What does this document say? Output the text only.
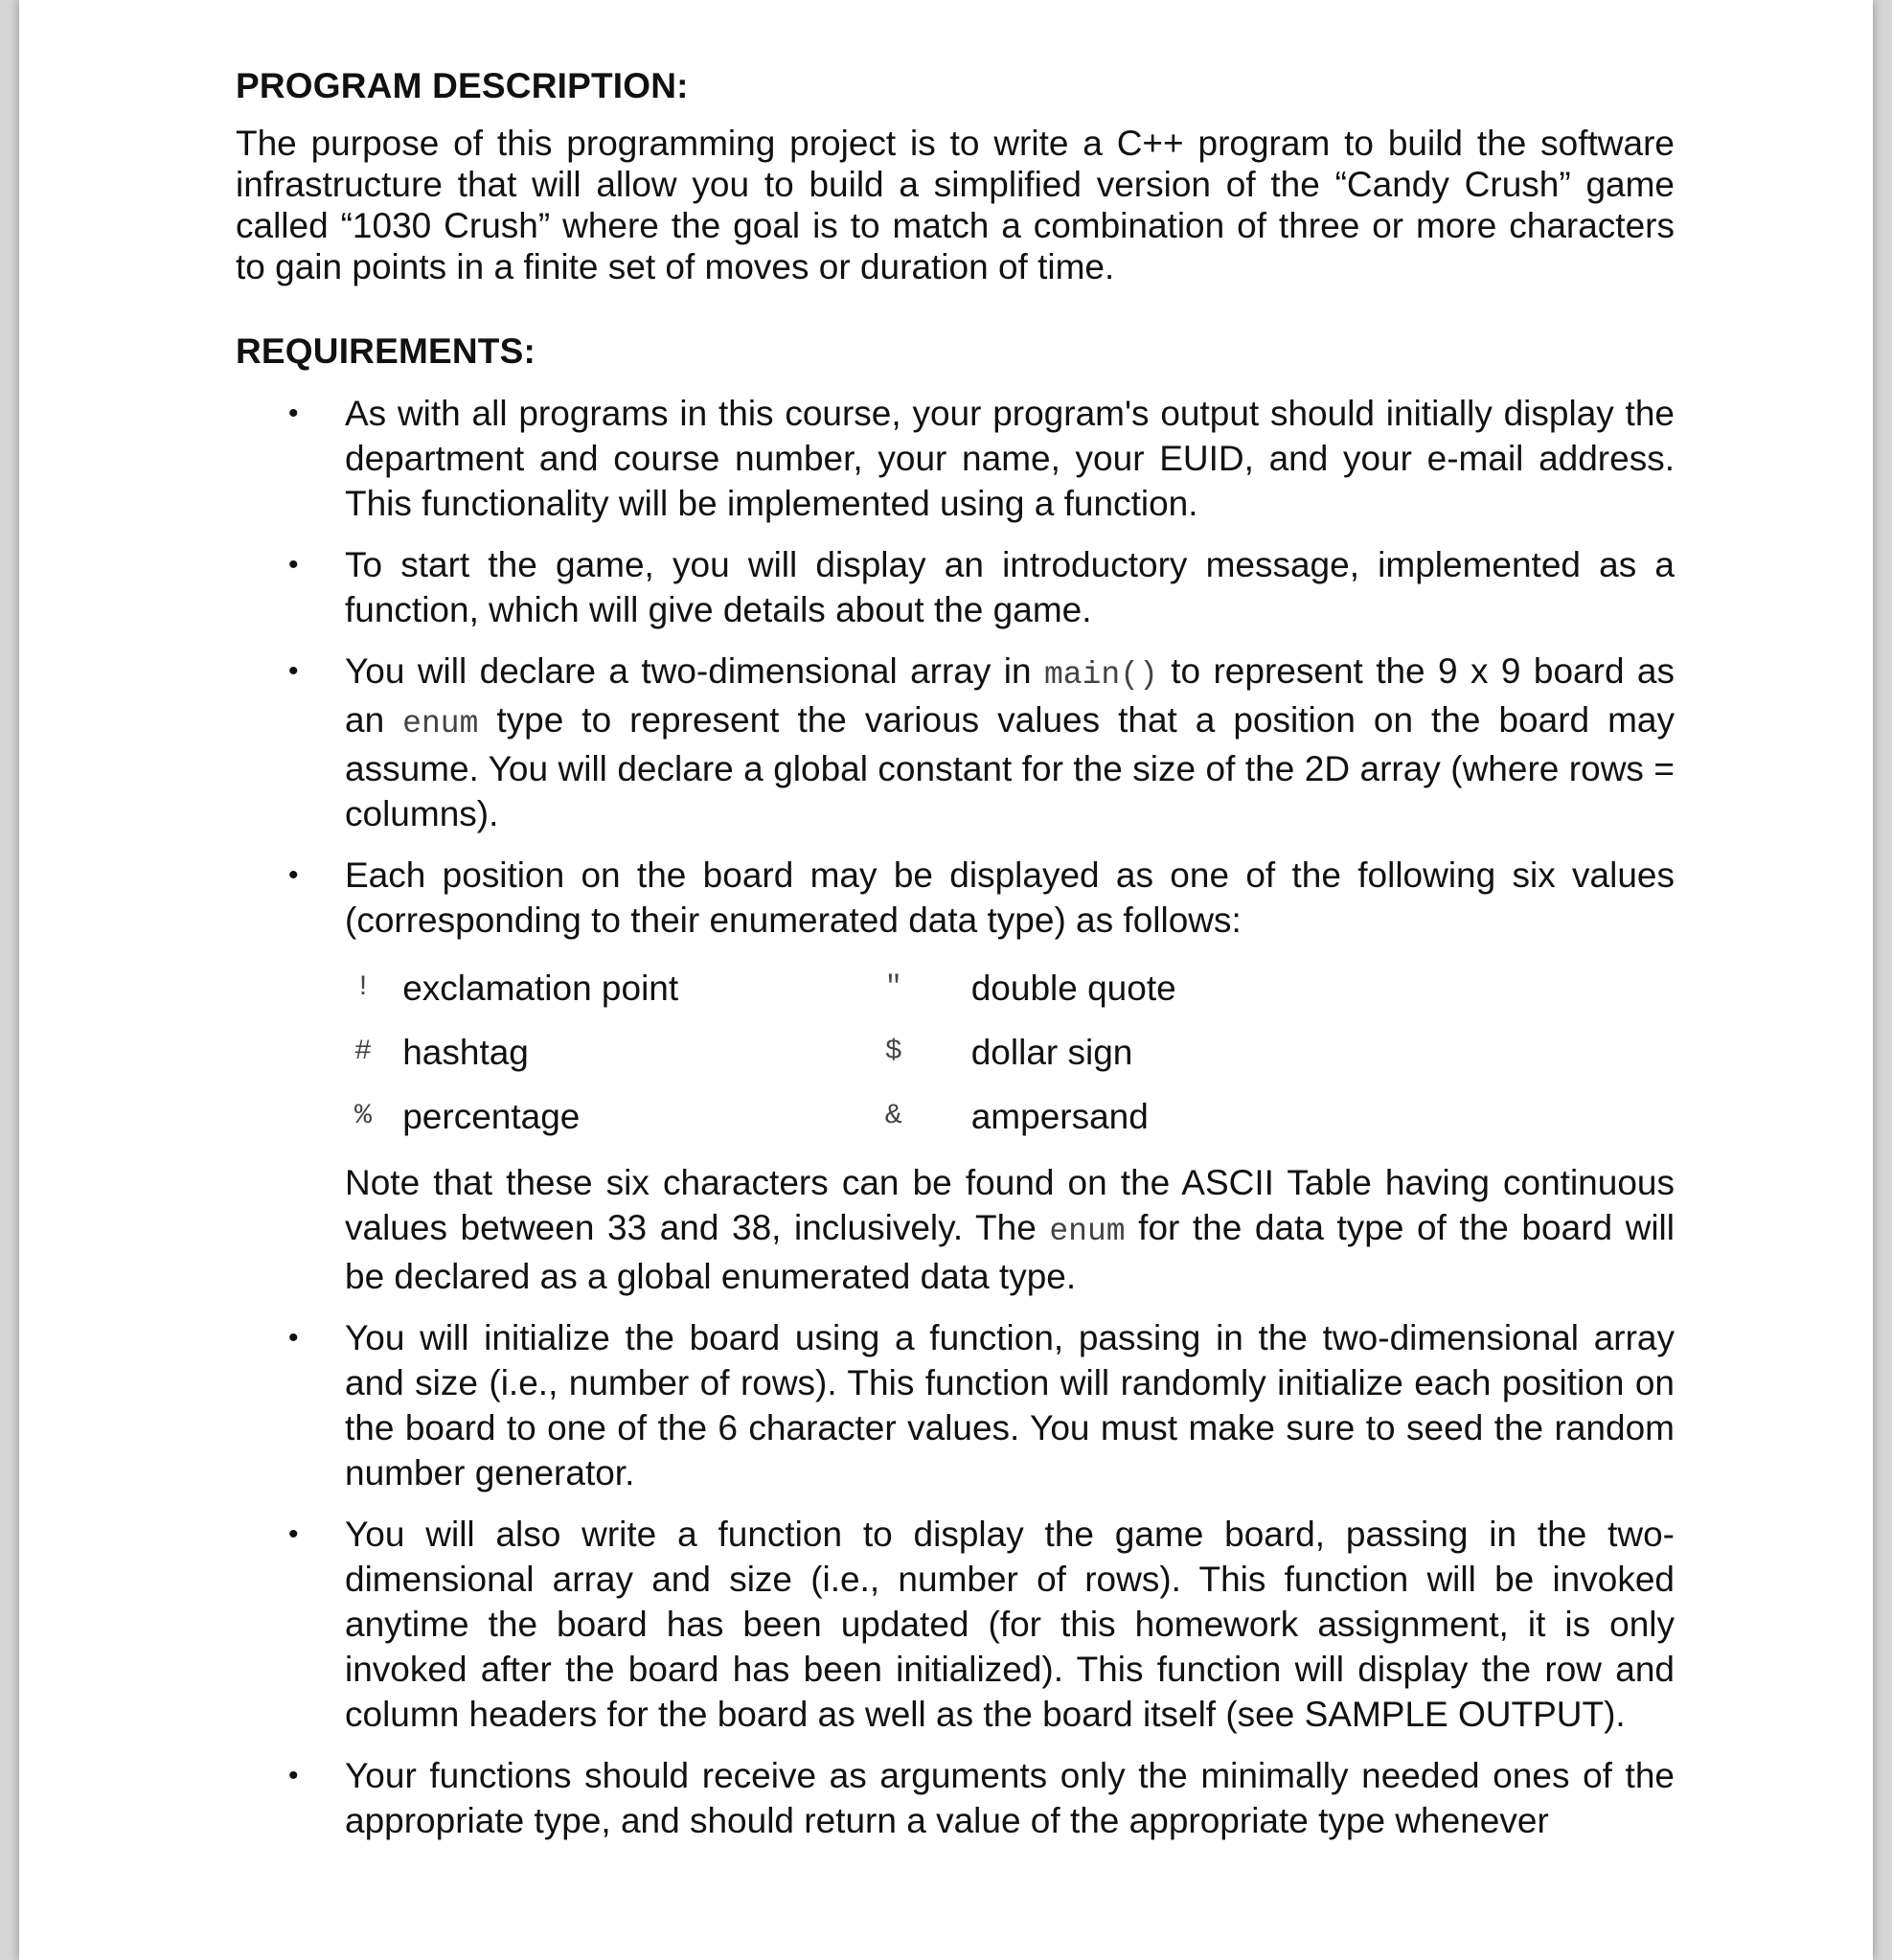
PROGRAM DESCRIPTION:

The purpose of this programming project is to write a C++ program to build the software infrastructure that will allow you to build a simplified version of the “Candy Crush” game called “1030 Crush” where the goal is to match a combination of three or more characters to gain points in a finite set of moves or duration of time.

REQUIREMENTS:
• As with all programs in this course, your program's output should initially display the department and course number, your name, your EUID, and your e-mail address. This functionality will be implemented using a function.
• To start the game, you will display an introductory message, implemented as a function, which will give details about the game.
• You will declare a two-dimensional array in main() to represent the 9 x 9 board as an enum type to represent the various values that a position on the board may assume. You will declare a global constant for the size of the 2D array (where rows = columns).
• Each position on the board may be displayed as one of the following six values (corresponding to their enumerated data type) as follows:
! exclamation point	"	double quote
# hashtag	$	dollar sign
% percentage	&	ampersand
Note that these six characters can be found on the ASCII Table having continuous values between 33 and 38, inclusively. The enum for the data type of the board will be declared as a global enumerated data type.
• You will initialize the board using a function, passing in the two-dimensional array and size (i.e., number of rows). This function will randomly initialize each position on the board to one of the 6 character values. You must make sure to seed the random number generator.
• You will also write a function to display the game board, passing in the two-dimensional array and size (i.e., number of rows). This function will be invoked anytime the board has been updated (for this homework assignment, it is only invoked after the board has been initialized). This function will display the row and column headers for the board as well as the board itself (see SAMPLE OUTPUT).
• Your functions should receive as arguments only the minimally needed ones of the appropriate type, and should return a value of the appropriate type whenever
